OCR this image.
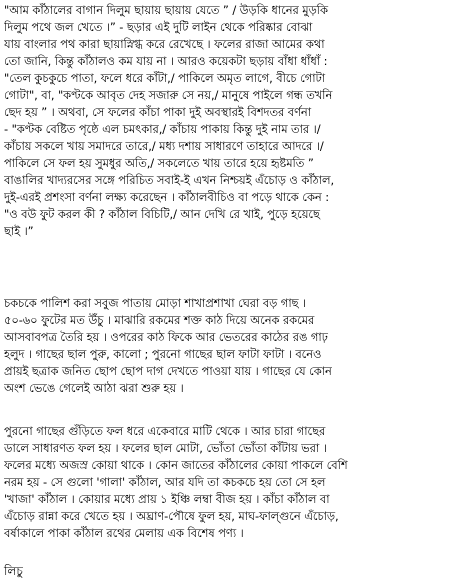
"আম কাঁঠালের বাগান দিলুম ছায়ায় ছায়ায় যেতে ” / উড়কি ধানের মুড়কি
দিলুম পথে জল খেতে ।” - ছড়ার এই দুটি লাইন থেকে পরিষ্কার বোঝা
যায় বাংলার পথ কারা ছায়াস্নিগ্ধ করে রেখেছে । ফলের রাজা আমের কথা
তো জানি, কিন্তু কাঁঠালও কম যায় না । আরও কয়েকটা ছড়ায় বাঁধা ধাঁধাঁ :
"তেল কুচকুচে পাতা, ফলে ধরে কাঁটা,/ পাকিলে অমৃত লাগে, বীচে গোটা
গোটা", বা, "কণ্টকে আবৃত দেহ সজারু সে নয়,/ মানুষে পাইলে গন্ধ তখনি
ছেদ হয় ” । অথবা, সে ফলের কাঁচা পাকা দুই অবস্থারই বিশদতর বর্ণনা
- "কণ্টক বেষ্টিত পৃষ্ঠে এল চমৎকার,/ কাঁচায় পাকায় কিন্তু দুই নাম তার ।/
কাঁচায় সকলে খায় সমাদরে তারে,/ মধ্য দশায় সাধারণে তাহারে আদরে ।/
পাকিলে সে ফল হয় সুমধুর অতি,/ সকলেতে খায় তারে হয়ে হৃষ্টমতি ”
বাঙালির খাদ্যরসের সঙ্গে পরিচিত সবাই-ই এখন নিশ্চয়ই এঁচোড় ও কাঁঠাল,
দুই-এরই প্রশংসা বর্ণনা লক্ষ্য করেছেন । কাঁঠালবীচিও বা পড়ে থাকে কেন :
"ও বউ ফুট করল কী ? কাঁঠাল বিচিটি,/ আন দেখি রে খাই, পুড়ে হয়েছে
ছাই ।”
চকচকে পালিশ করা সবুজ পাতায় মোড়া শাখাপ্রশাখা ঘেরা বড় গাছ ।
৫০-৬০ ফুটের মত উঁচু । মাঝারি রকমের শক্ত কাঠ দিয়ে অনেক রকমের
আসবাবপত্র তৈরি হয় । ওপরের কাঠ ফিকে আর ভেতরের কাঠের রঙ গাঢ়
হলুদ । গাছের ছাল পুরু, কালো ; পুরনো গাছের ছাল ফাটা ফাটা । বনেও
প্রায়ই ছত্রাক জনিত ছোপ ছোপ দাগ দেখতে পাওয়া যায় । গাছের যে কোন
অংশ ভেঙে গেলেই আঠা ঝরা শুরু হয় ।
পুরনো গাছের গুঁড়িতে ফল ধরে একেবারে মাটি থেকে । আর চারা গাছের
ডালে সাধারণত ফল হয় । ফলের ছাল মোটা, ভোঁতা ভোঁতা কাঁটায় ভরা ।
ফলের মধ্যে অজস্র কোয়া থাকে । কোন জাতের কাঁঠালের কোয়া পাকলে বেশি
নরম হয় - সে গুলো 'গালা' কাঁঠাল, আর যদি তা কচকচে হয় তো সে হল
'খাজা' কাঁঠাল । কোয়ার মধ্যে প্রায় ১ ইঞ্চি লম্বা বীজ হয় । কাঁচা কাঁঠাল বা
এঁচোড় রান্না করে খেতে হয় । অঘ্রাণ-পৌষে ফুল হয়, মাঘ-ফাল্গুনে এঁচোড়,
বর্ষাকালে পাকা কাঁঠাল রথের মেলায় এক বিশেষ পণ্য ।
লিচু
